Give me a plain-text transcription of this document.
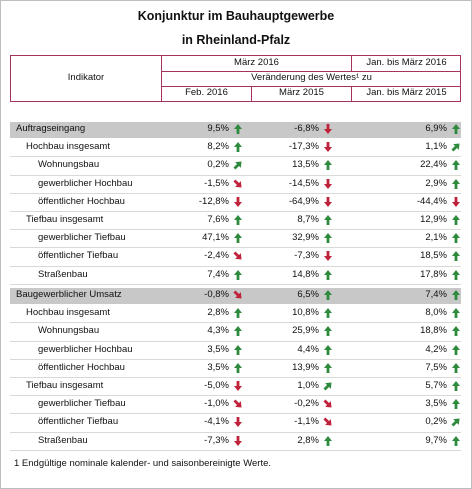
Konjunktur im Bauhauptgewerbe
in Rheinland-Pfalz
Indikator
März 2016	Jan. bis März 2016
Veränderung des Wertes¹ zu
Feb. 2016	März 2015	Jan. bis März 2015
Auftragseingang	9,5%	-6,8%	6,9%
Hochbau insgesamt	8,2%	-17,3%	1,1%
Wohnungsbau	0,2%	13,5%	22,4%
gewerblicher Hochbau	-1,5%	-14,5%	2,9%
öffentlicher Hochbau	-12,8%	-64,9%	-44,4%
Tiefbau insgesamt	7,6%	8,7%	12,9%
gewerblicher Tiefbau	47,1%	32,9%	2,1%
öffentlicher Tiefbau	-2,4%	-7,3%	18,5%
Straßenbau	7,4%	14,8%	17,8%
Baugewerblicher Umsatz	-0,8%	6,5%	7,4%
Hochbau insgesamt	2,8%	10,8%	8,0%
Wohnungsbau	4,3%	25,9%	18,8%
gewerblicher Hochbau	3,5%	4,4%	4,2%
öffentlicher Hochbau	3,5%	13,9%	7,5%
Tiefbau insgesamt	-5,0%	1,0%	5,7%
gewerblicher Tiefbau	-1,0%	-0,2%	3,5%
öffentlicher Tiefbau	-4,1%	-1,1%	0,2%
Straßenbau	-7,3%	2,8%	9,7%
1 Endgültige nominale kalender- und saisonbereinigte Werte.
